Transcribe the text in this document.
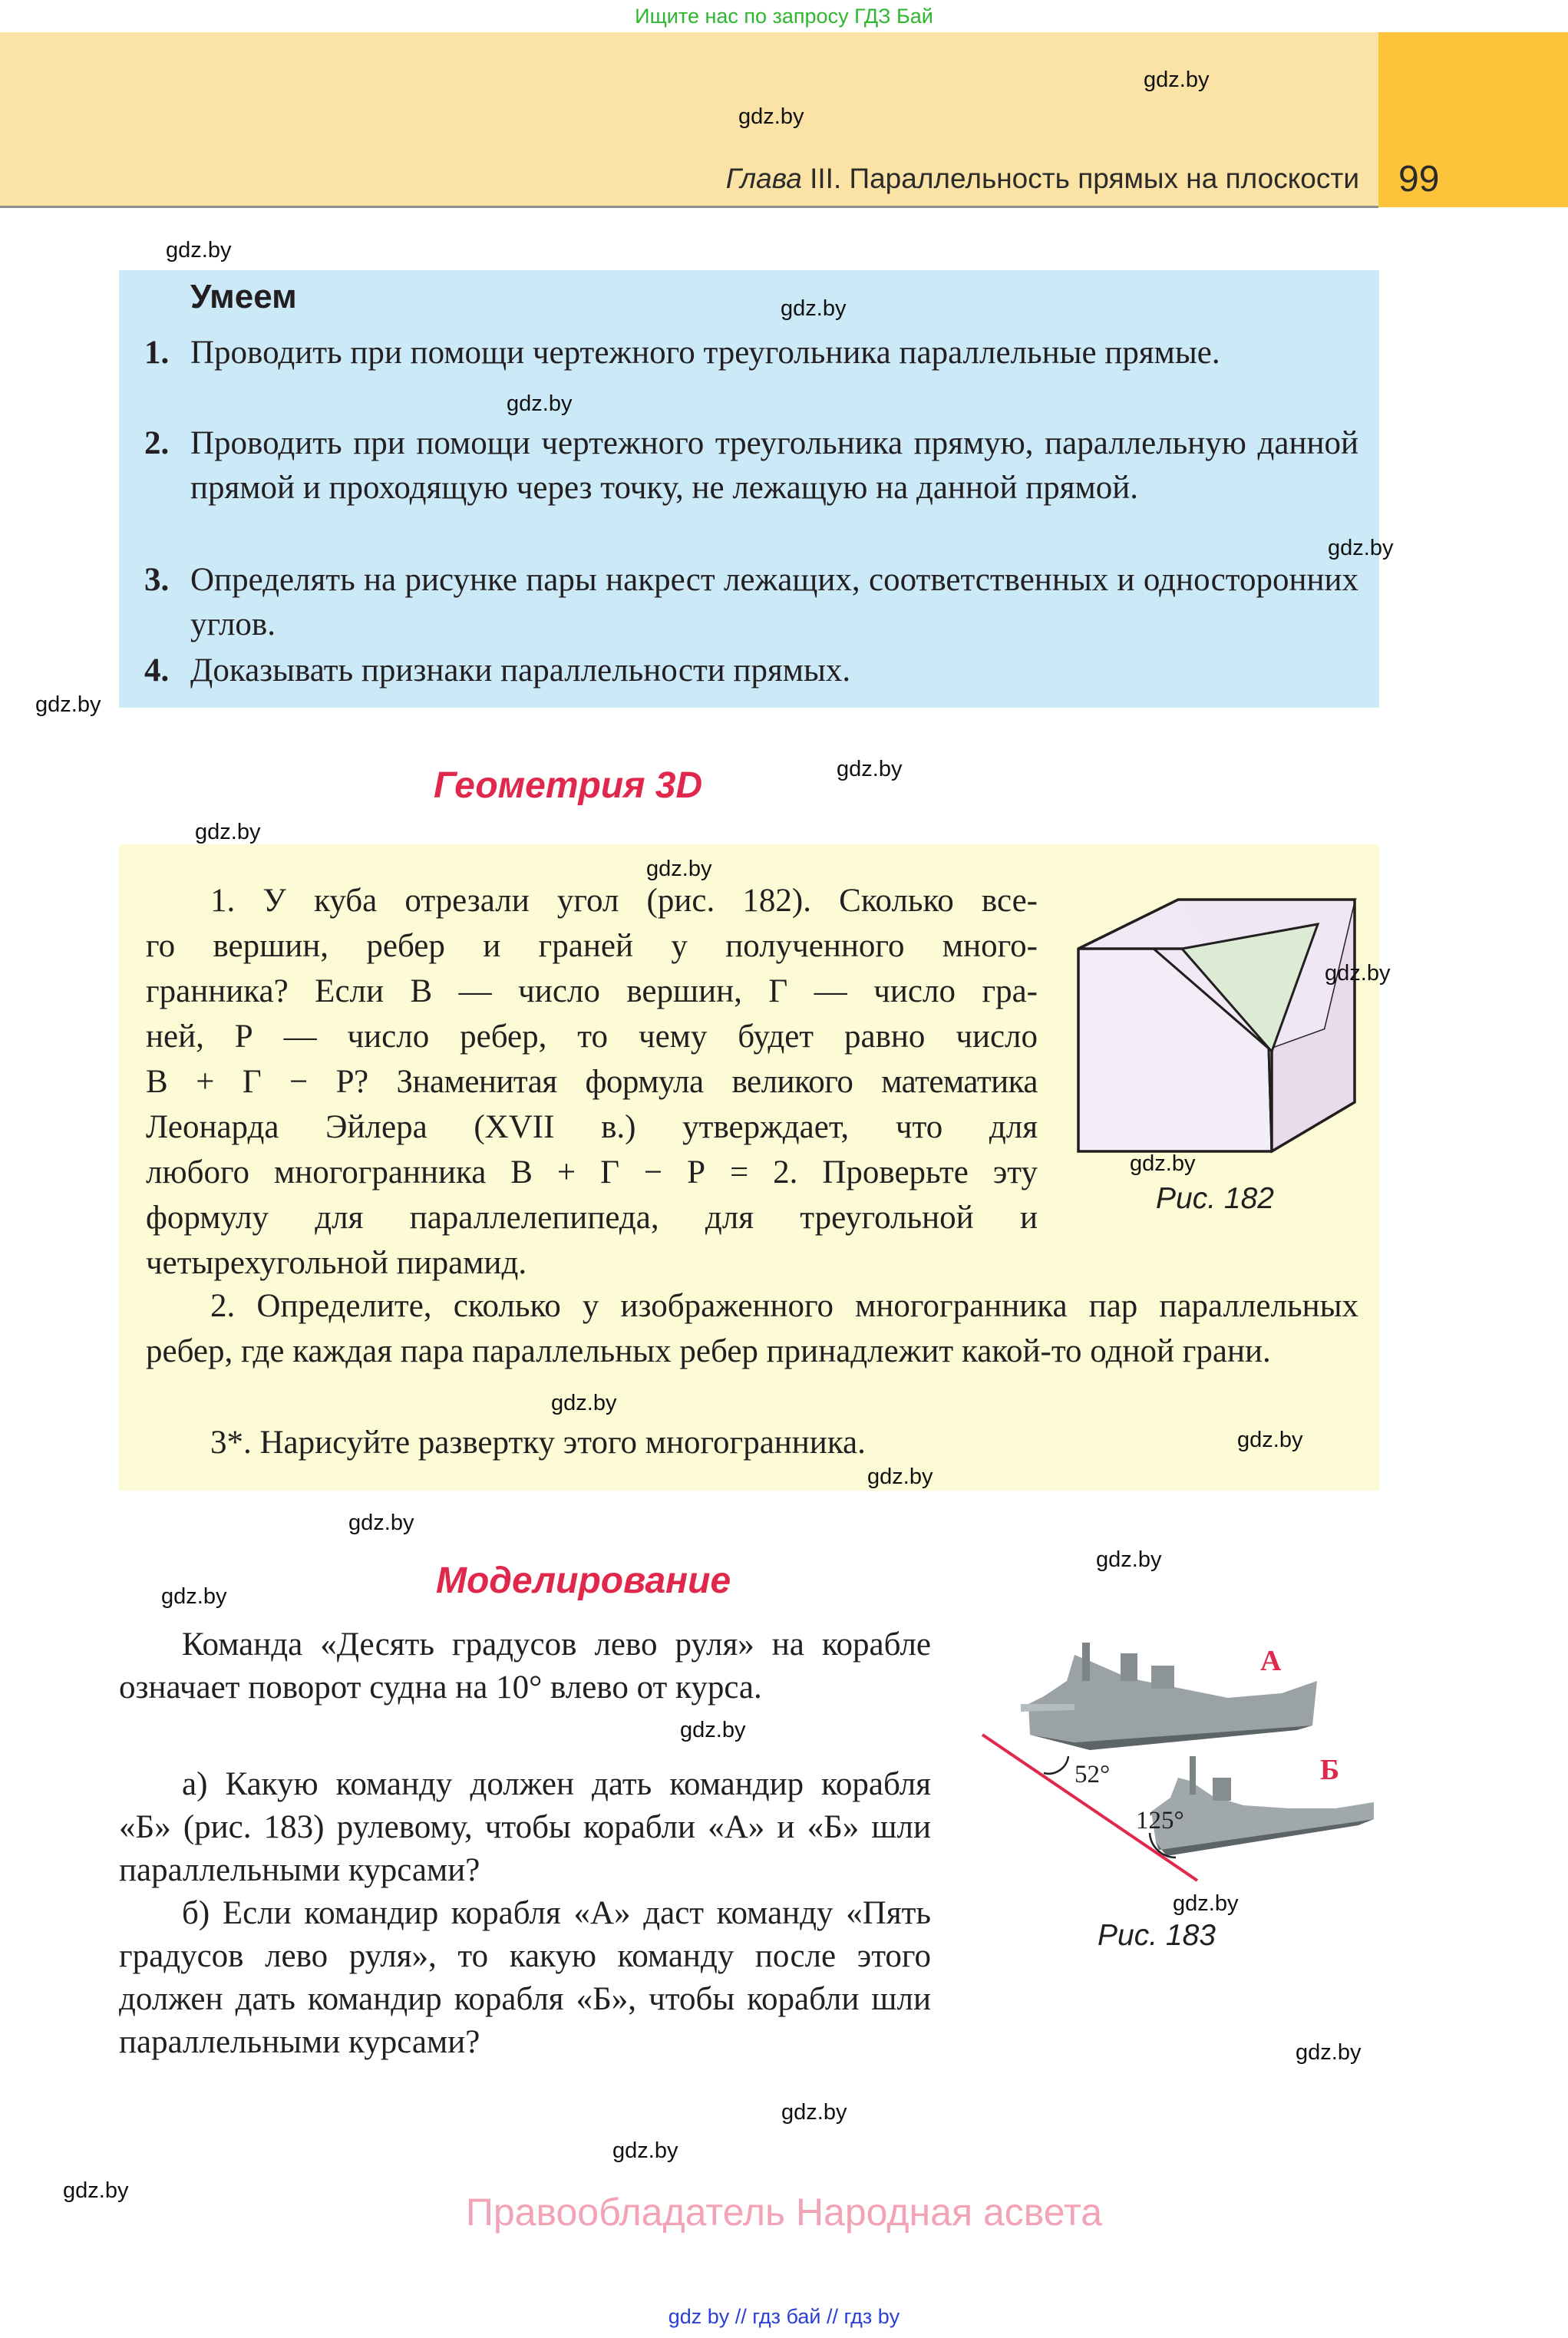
Ищите нас по запросу ГДЗ Бай
Глава III. Параллельность прямых на плоскости 99
Умеем
1. Проводить при помощи чертежного треугольника параллельные прямые.
2. Проводить при помощи чертежного треугольника прямую, параллельную данной прямой и проходящую через точку, не лежащую на данной прямой.
3. Определять на рисунке пары накрест лежащих, соответственных и односторонних углов.
4. Доказывать признаки параллельности прямых.
Геометрия 3D
1. У куба отрезали угол (рис. 182). Сколько все-
го вершин, ребер и граней у полученного много-
гранника? Если В — число вершин, Г — число гра-
ней, Р — число ребер, то чему будет равно число
В + Г − Р? Знаменитая формула великого математика
Леонарда Эйлера (XVII в.) утверждает, что для
любого многогранника В + Г − Р = 2. Проверьте эту
формулу для параллелепипеда, для треугольной и
четырехугольной пирамид.
Рис. 182
2. Определите, сколько у изображенного многогранника пар параллельных ребер, где каждая пара параллельных ребер принадлежит какой-то одной грани.
3*. Нарисуйте развертку этого многогранника.
Моделирование
Команда «Десять градусов лево руля» на корабле означает поворот судна на 10° влево от курса.
а) Какую команду должен дать командир корабля «Б» (рис. 183) рулевому, чтобы корабли «А» и «Б» шли параллельными курсами?
б) Если командир корабля «А» даст команду «Пять градусов лево руля», то какую команду после этого должен дать командир корабля «Б», чтобы корабли шли параллельными курсами?
52°
125°
А
Б
Рис. 183
gdz.by
gdz.by
gdz.by
gdz.by
gdz.by
gdz.by
gdz.by
gdz.by
gdz.by
gdz.by
gdz.by
gdz.by
gdz.by
gdz.by
gdz.by
gdz.by
gdz.by
gdz.by
gdz.by
gdz.by
gdz.by
gdz.by
gdz.by
gdz.by	Правообладатель Народная асвета
gdz by // гдз бай // гдз by
